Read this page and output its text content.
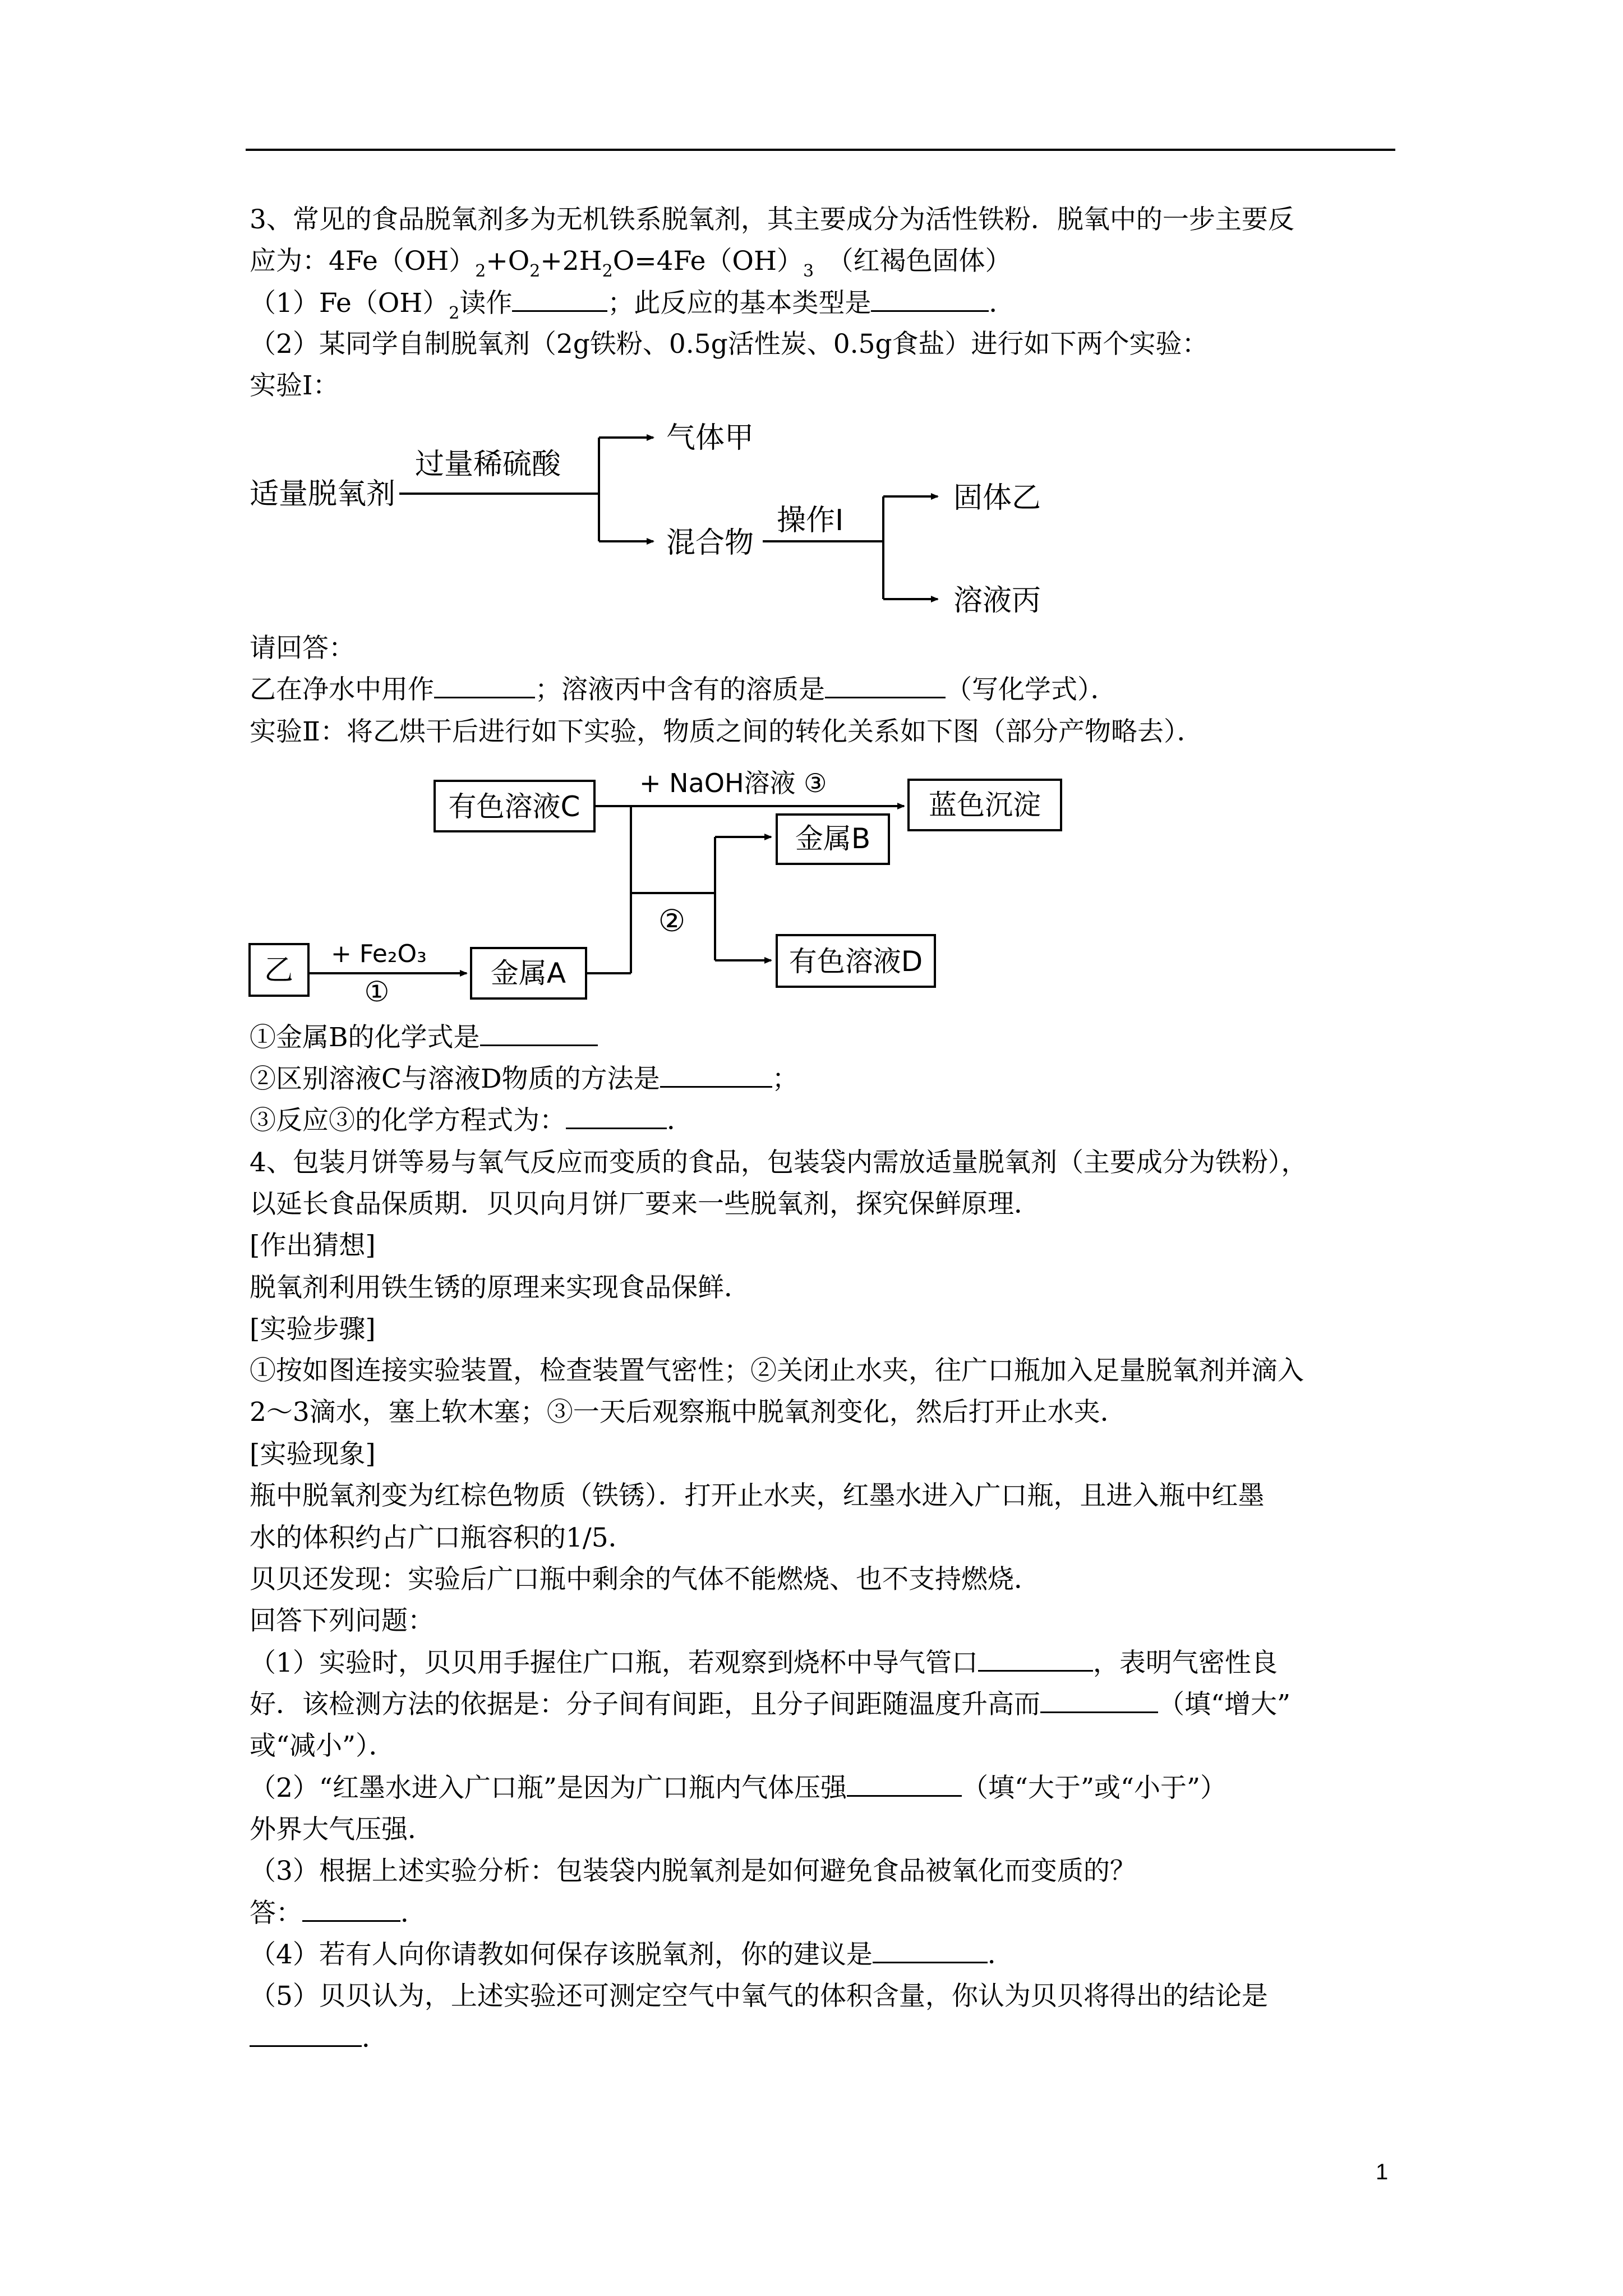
3、常见的食品脱氧剂多为无机铁系脱氧剂，其主要成分为活性铁粉．脱氧中的一步主要反
应为：$4Fe(OH)_2+O_2+2H_2O=4Fe(OH)_3$　（红褐色固体）
$(1)Fe(OH)_2$读作	；此反应的基本类型是	．
（2）某同学自制脱氧剂（2g铁粉、0.5g活性炭、0.5g食盐）进行如下两个实验：
实验Ⅰ：
适量脱氧剂
过量稀硫酸
气体甲
混合物
操作Ⅰ
固体乙
溶液丙
请回答：
乙在净水中用作	；溶液丙中含有的溶质是	（写化学式）．
实验Ⅱ：将乙烘干后进行如下实验，物质之间的转化关系如下图（部分产物略去）．
有色溶液C
+ NaOH溶液 ③
蓝色沉淀
②
金属B
有色溶液D
乙 + Fe₂O₃
①
金属A
①金属B的化学式是
②区别溶液C与溶液D物质的方法是	；
③反应③的化学方程式为：	．
4、包装月饼等易与氧气反应而变质的食品，包装袋内需放适量脱氧剂（主要成分为铁粉），
以延长食品保质期．贝贝向月饼厂要来一些脱氧剂，探究保鲜原理．
[作出猜想]
脱氧剂利用铁生锈的原理来实现食品保鲜．
[实验步骤]
①按如图连接实验装置，检查装置气密性；②关闭止水夹，往广口瓶加入足量脱氧剂并滴入
2～3滴水，塞上软木塞；③一天后观察瓶中脱氧剂变化，然后打开止水夹．
[实验现象]
瓶中脱氧剂变为红棕色物质（铁锈）．打开止水夹，红墨水进入广口瓶，且进入瓶中红墨
水的体积约占广口瓶容积的1/5．
贝贝还发现：实验后广口瓶中剩余的气体不能燃烧、也不支持燃烧．
回答下列问题：
（1）实验时，贝贝用手握住广口瓶，若观察到烧杯中导气管口	，表明气密性良
好．该检测方法的依据是：分子间有间距，且分子间距随温度升高而	（填“增大”
或“减小”）．
（2）“红墨水进入广口瓶”是因为广口瓶内气体压强	（填“大于”或“小于”）
外界大气压强．
（3）根据上述实验分析：包装袋内脱氧剂是如何避免食品被氧化而变质的？
答：	．
（4）若有人向你请教如何保存该脱氧剂，你的建议是	．
（5）贝贝认为，上述实验还可测定空气中氧气的体积含量，你认为贝贝将得出的结论是
．
1
